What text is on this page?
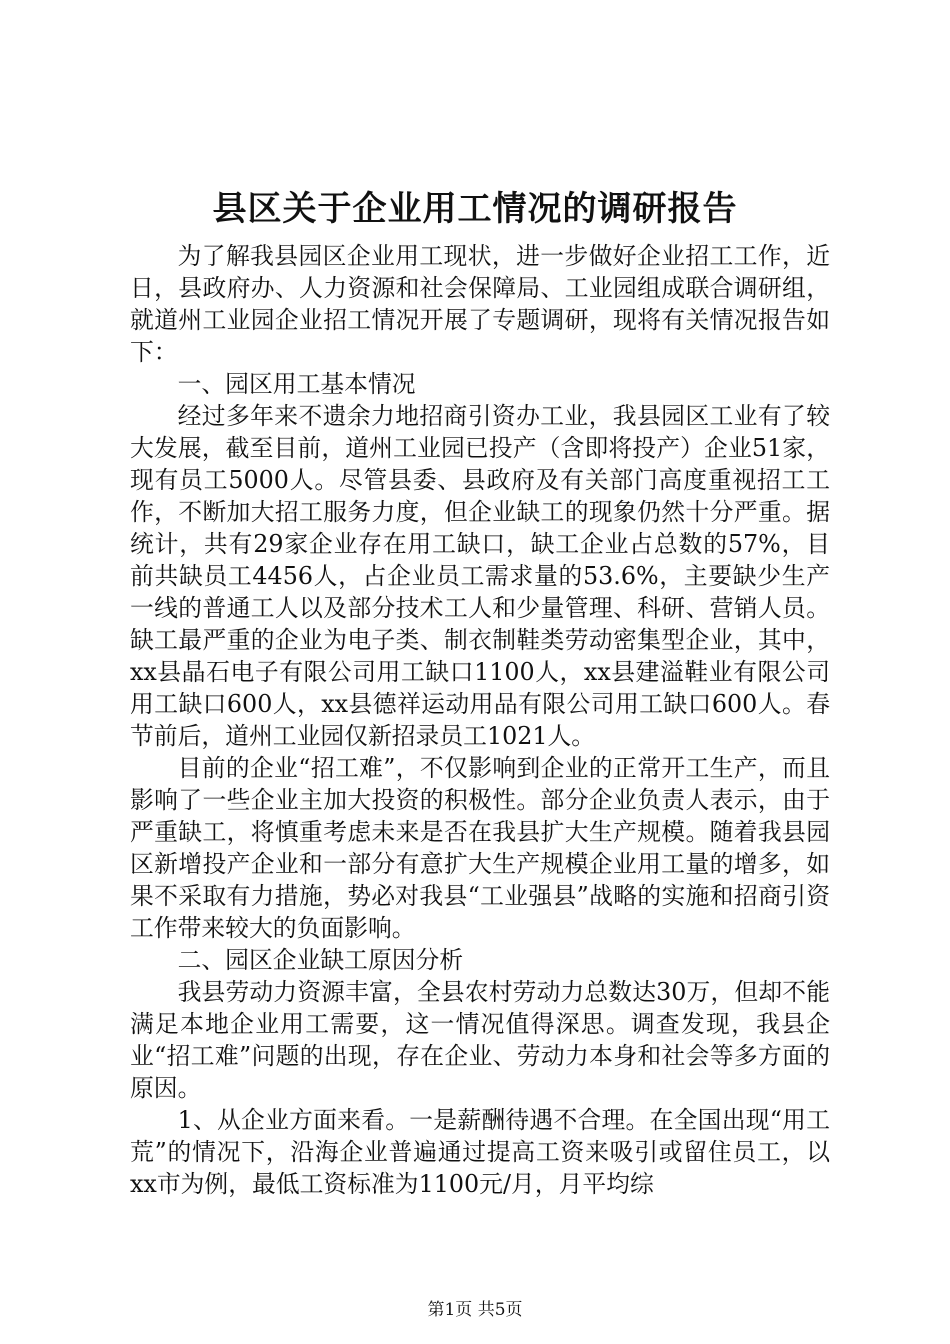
县区关于企业用工情况的调研报告

为了解我县园区企业用工现状，进一步做好企业招工工作，近日，县政府办、人力资源和社会保障局、工业园组成联合调研组，就道州工业园企业招工情况开展了专题调研，现将有关情况报告如下：

一、园区用工基本情况

经过多年来不遗余力地招商引资办工业，我县园区工业有了较大发展，截至目前，道州工业园已投产（含即将投产）企业51家，现有员工5000人。尽管县委、县政府及有关部门高度重视招工工作，不断加大招工服务力度，但企业缺工的现象仍然十分严重。据统计，共有29家企业存在用工缺口，缺工企业占总数的57%，目前共缺员工4456人，占企业员工需求量的53.6%，主要缺少生产一线的普通工人以及部分技术工人和少量管理、科研、营销人员。缺工最严重的企业为电子类、制衣制鞋类劳动密集型企业，其中，xx县晶石电子有限公司用工缺口1100人，xx县建溢鞋业有限公司用工缺口600人，xx县德祥运动用品有限公司用工缺口600人。春节前后，道州工业园仅新招录员工1021人。

目前的企业“招工难”，不仅影响到企业的正常开工生产，而且影响了一些企业主加大投资的积极性。部分企业负责人表示，由于严重缺工，将慎重考虑未来是否在我县扩大生产规模。随着我县园区新增投产企业和一部分有意扩大生产规模企业用工量的增多，如果不采取有力措施，势必对我县“工业强县”战略的实施和招商引资工作带来较大的负面影响。

二、园区企业缺工原因分析

我县劳动力资源丰富，全县农村劳动力总数达30万，但却不能满足本地企业用工需要，这一情况值得深思。调查发现，我县企业“招工难”问题的出现，存在企业、劳动力本身和社会等多方面的原因。

1、从企业方面来看。一是薪酬待遇不合理。在全国出现“用工荒”的情况下，沿海企业普遍通过提高工资来吸引或留住员工，以xx市为例，最低工资标准为1100元/月，月平均综

第1页 共5页
